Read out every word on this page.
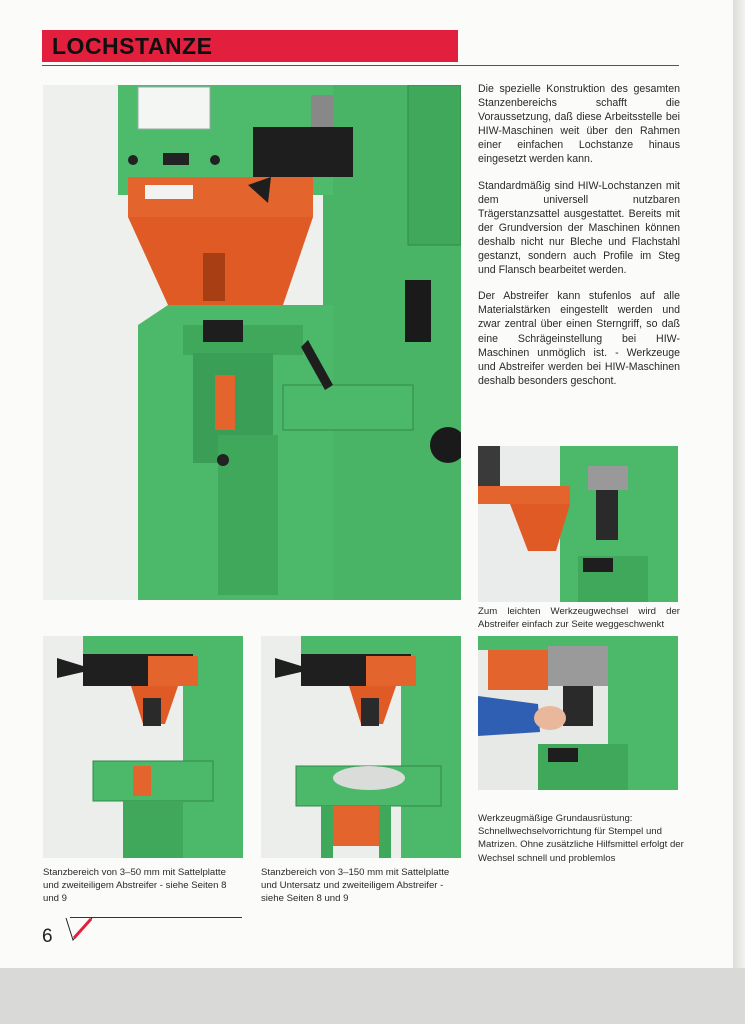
LOCHSTANZE

Die spezielle Konstruktion des gesamten Stanzenbereichs schafft die Voraussetzung, daß diese Arbeitsstelle bei HIW-Maschinen weit über den Rahmen einer einfachen Lochstanze hinaus eingesetzt werden kann.

Standardmäßig sind HIW-Lochstanzen mit dem universell nutzbaren Trägerstanzsattel ausgestattet. Bereits mit der Grundversion der Maschinen können deshalb nicht nur Bleche und Flachstahl gestanzt, sondern auch Profile im Steg und Flansch bearbeitet werden.

Der Abstreifer kann stufenlos auf alle Materialstärken eingestellt werden und zwar zentral über einen Sterngriff, so daß eine Schrägeinstellung bei HIW-Maschinen unmöglich ist. - Werkzeuge und Abstreifer werden bei HIW-Maschinen deshalb besonders geschont.

Zum leichten Werkzeugwechsel wird der Abstreifer einfach zur Seite weggeschwenkt
Werkzeugmäßige Grundausrüstung: Schnellwechselvorrichtung für Stempel und Matrizen. Ohne zusätzliche Hilfsmittel erfolgt der Wechsel schnell und problemlos
Stanzbereich von 3–50 mm mit Sattelplatte und zweiteiligem Abstreifer - siehe Seiten 8 und 9
Stanzbereich von 3–150 mm mit Sattelplatte und Untersatz und zweiteiligem Abstreifer - siehe Seiten 8 und 9
6
